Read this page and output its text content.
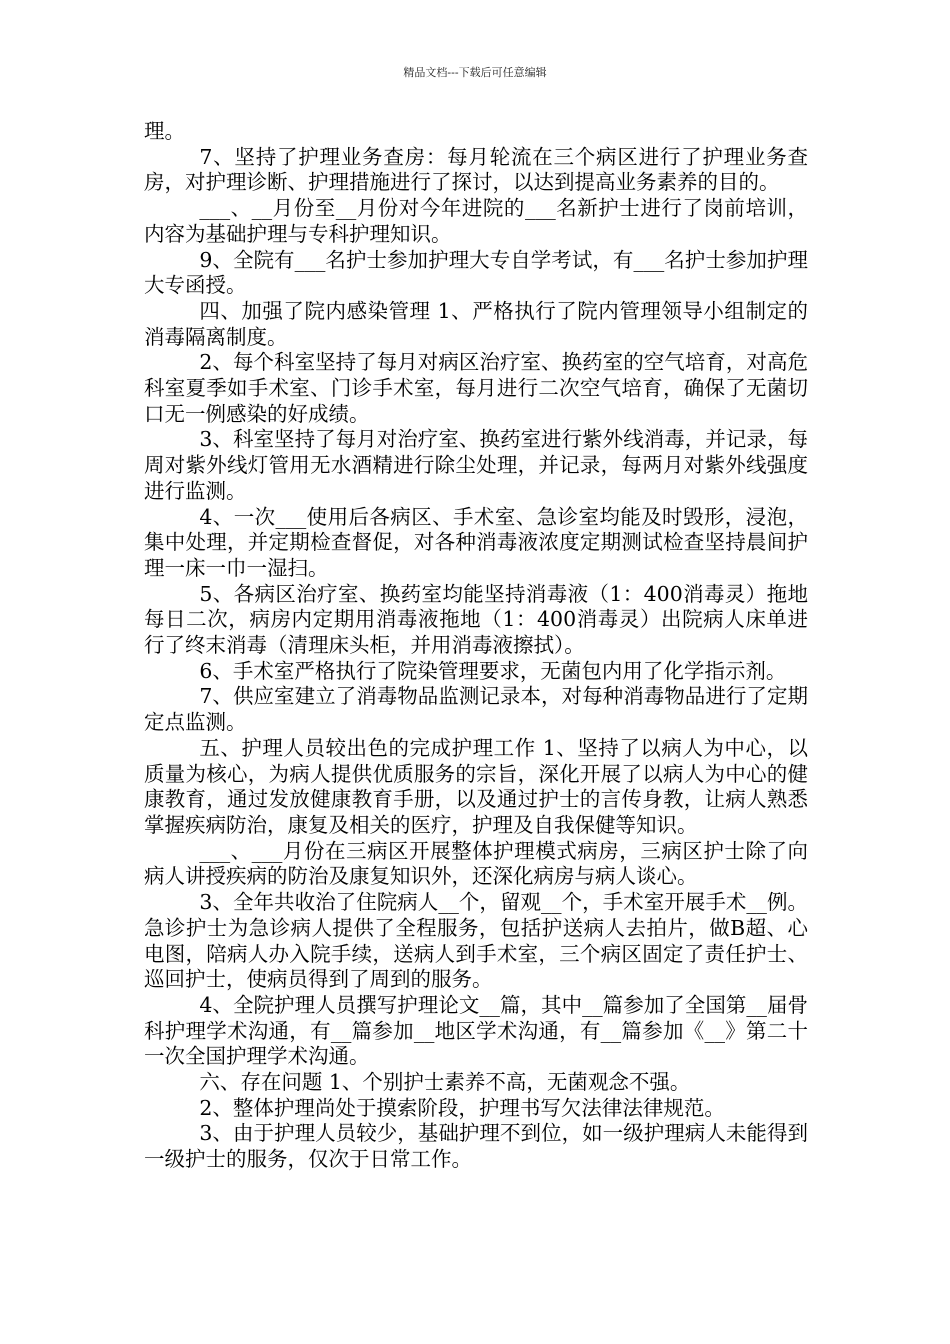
精品文档---下载后可任意编辑

理。

7、坚持了护理业务查房：每月轮流在三个病区进行了护理业务查房，对护理诊断、护理措施进行了探讨，以达到提高业务素养的目的。

___、__月份至__月份对今年进院的___名新护士进行了岗前培训，内容为基础护理与专科护理知识。

9、全院有___名护士参加护理大专自学考试，有___名护士参加护理大专函授。

四、加强了院内感染管理 1、严格执行了院内管理领导小组制定的消毒隔离制度。

2、每个科室坚持了每月对病区治疗室、换药室的空气培育，对高危科室夏季如手术室、门诊手术室，每月进行二次空气培育，确保了无菌切口无一例感染的好成绩。

3、科室坚持了每月对治疗室、换药室进行紫外线消毒，并记录，每周对紫外线灯管用无水酒精进行除尘处理，并记录，每两月对紫外线强度进行监测。

4、一次___使用后各病区、手术室、急诊室均能及时毁形，浸泡，集中处理，并定期检查督促，对各种消毒液浓度定期测试检查坚持晨间护理一床一巾一湿扫。

5、各病区治疗室、换药室均能坚持消毒液（1：400消毒灵）拖地每日二次，病房内定期用消毒液拖地（1：400消毒灵）出院病人床单进行了终末消毒（清理床头柜，并用消毒液擦拭）。

6、手术室严格执行了院染管理要求，无菌包内用了化学指示剂。

7、供应室建立了消毒物品监测记录本，对每种消毒物品进行了定期定点监测。

五、护理人员较出色的完成护理工作 1、坚持了以病人为中心，以质量为核心，为病人提供优质服务的宗旨，深化开展了以病人为中心的健康教育，通过发放健康教育手册，以及通过护士的言传身教，让病人熟悉掌握疾病防治，康复及相关的医疗，护理及自我保健等知识。

___、___月份在三病区开展整体护理模式病房，三病区护士除了向病人讲授疾病的防治及康复知识外，还深化病房与病人谈心。

3、全年共收治了住院病人__个，留观__个，手术室开展手术__例。急诊护士为急诊病人提供了全程服务，包括护送病人去拍片，做B超、心电图，陪病人办入院手续，送病人到手术室，三个病区固定了责任护士、巡回护士，使病员得到了周到的服务。

4、全院护理人员撰写护理论文__篇，其中__篇参加了全国第__届骨科护理学术沟通，有__篇参加__地区学术沟通，有__篇参加《__》第二十一次全国护理学术沟通。

六、存在问题 1、个别护士素养不高，无菌观念不强。

2、整体护理尚处于摸索阶段，护理书写欠法律法律规范。

3、由于护理人员较少，基础护理不到位，如一级护理病人未能得到一级护士的服务，仅次于日常工作。
